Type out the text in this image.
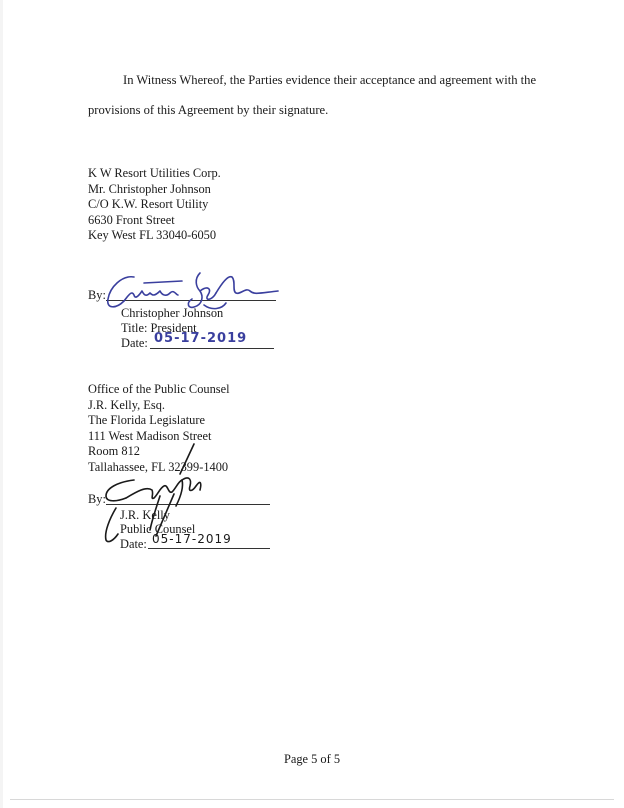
In Witness Whereof, the Parties evidence their acceptance and agreement with the
provisions of this Agreement by their signature.
K W Resort Utilities Corp.
Mr. Christopher Johnson
C/O K.W. Resort Utility
6630 Front Street
Key West FL 33040-6050
By:
Christopher Johnson
Title: President
Date: 05-17-2019
Office of the Public Counsel
J.R. Kelly, Esq.
The Florida Legislature
111 West Madison Street
Room 812
Tallahassee, FL 32399-1400
By:
J.R. Kelly
Public Counsel
Date: 05-17-2019
Page 5 of 5
